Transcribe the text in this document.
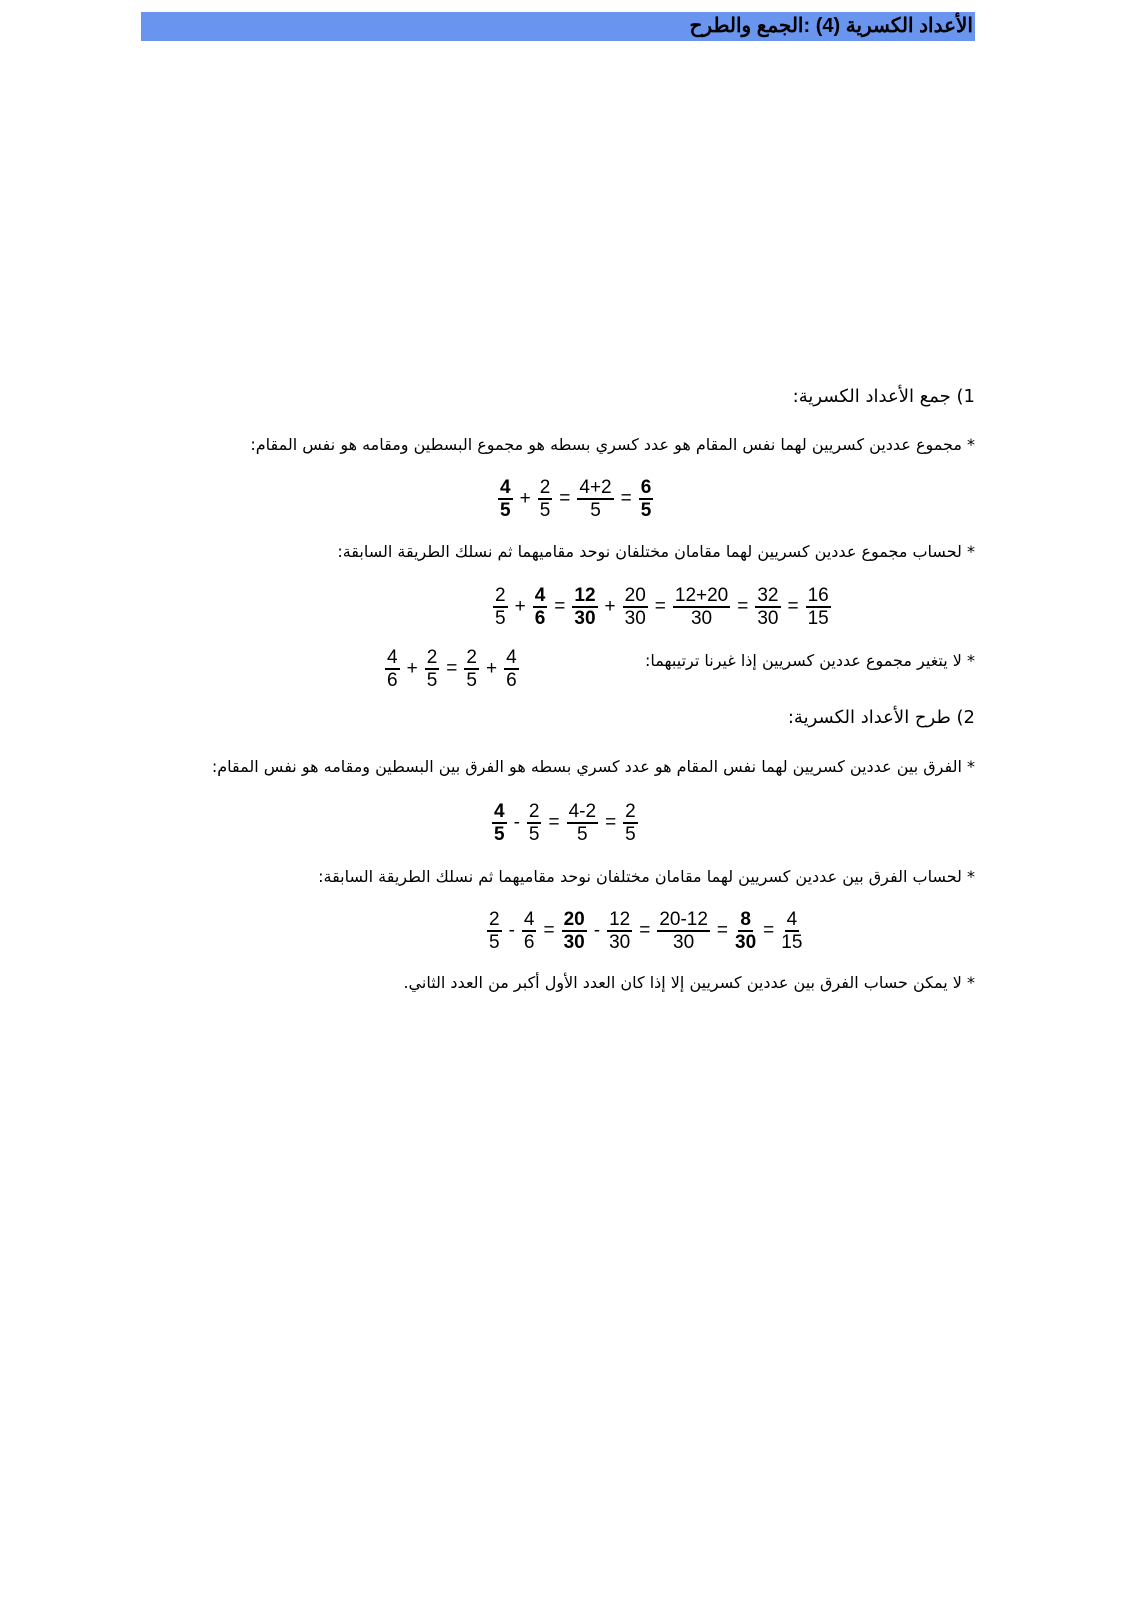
الأعداد الكسرية (4) :الجمع والطرح
1) جمع الأعداد الكسرية:
* مجموع عددين كسريين لهما نفس المقام هو عدد كسري بسطه هو مجموع البسطين ومقامه هو نفس المقام:
$\frac{4}{5} + \frac{2}{5} = \frac{4+2}{5} = \frac{6}{5}$
* لحساب مجموع عددين كسريين لهما مقامان مختلفان نوحد مقاميهما ثم نسلك الطريقة السابقة:
$\frac{2}{5} + \frac{4}{6} = \frac{12}{30} + \frac{20}{30} = \frac{12+20}{30} = \frac{32}{30} = \frac{16}{15}$
* لا يتغير مجموع عددين كسريين إذا غيرنا ترتيبهما:
$\frac{4}{6} + \frac{2}{5} = \frac{2}{5} + \frac{4}{6}$
2) طرح الأعداد الكسرية:
* الفرق بين عددين كسريين لهما نفس المقام هو عدد كسري بسطه هو الفرق بين البسطين ومقامه هو نفس المقام:
$\frac{4}{5} - \frac{2}{5} = \frac{4-2}{5} = \frac{2}{5}$
* لحساب الفرق بين عددين كسريين لهما مقامان مختلفان نوحد مقاميهما ثم نسلك الطريقة السابقة:
$\frac{2}{5} - \frac{4}{6} = \frac{20}{30} - \frac{12}{30} = \frac{20-12}{30} = \frac{8}{30} = \frac{4}{15}$
* لا يمكن حساب الفرق بين عددين كسريين إلا إذا كان العدد الأول أكبر من العدد الثاني.
